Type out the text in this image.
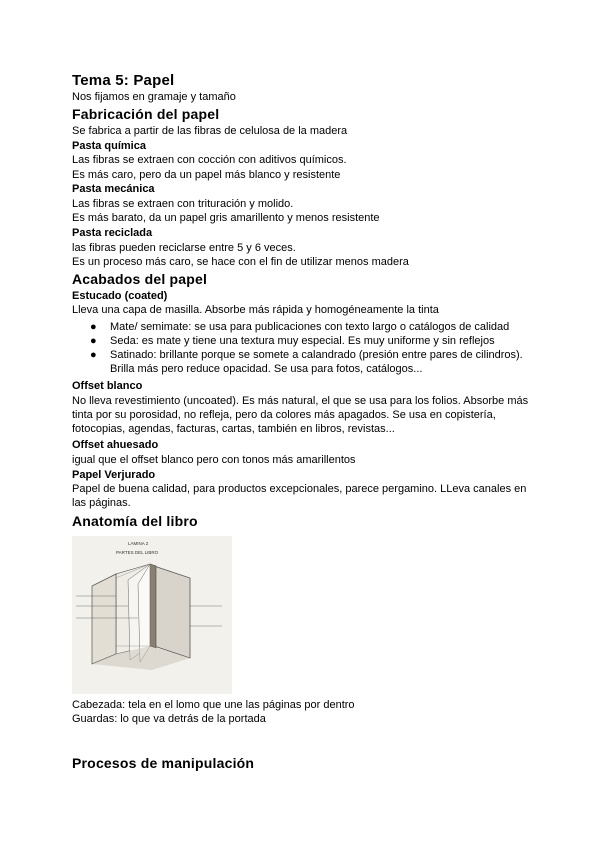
Tema 5: Papel
Nos fijamos en gramaje y tamaño
Fabricación del papel
Se fabrica a partir de las fibras de celulosa de la madera
Pasta química
Las fibras se extraen con cocción con aditivos químicos.
Es más caro, pero da un papel más blanco y resistente
Pasta mecánica
Las fibras se extraen con trituración y molido.
Es más barato, da un papel gris amarillento y menos resistente
Pasta reciclada
las fibras pueden reciclarse entre 5 y 6 veces.
Es un proceso más caro, se hace con el fin de utilizar menos madera
Acabados del papel
Estucado (coated)
Lleva una capa de masilla. Absorbe más rápida y homogéneamente la tinta
● Mate/ semimate: se usa para publicaciones con texto largo o catálogos de calidad
● Seda: es mate y tiene una textura muy especial. Es muy uniforme y sin reflejos
● Satinado: brillante porque se somete a calandrado (presión entre pares de cilindros). Brilla más pero reduce opacidad. Se usa para fotos, catálogos...
Offset blanco
No lleva revestimiento (uncoated). Es más natural, el que se usa para los folios. Absorbe más tinta por su porosidad, no refleja, pero da colores más apagados. Se usa en copistería, fotocopias, agendas, facturas, cartas, también en libros, revistas...
Offset ahuesado
igual que el offset blanco pero con tonos más amarillentos
Papel Verjurado
Papel de buena calidad, para productos excepcionales, parece pergamino. LLeva canales en las páginas.
Anatomía del libro
LAMINA 2
PARTES DEL LIBRO
Cabezada: tela en el lomo que une las páginas por dentro
Guardas: lo que va detrás de la portada
Procesos de manipulación
